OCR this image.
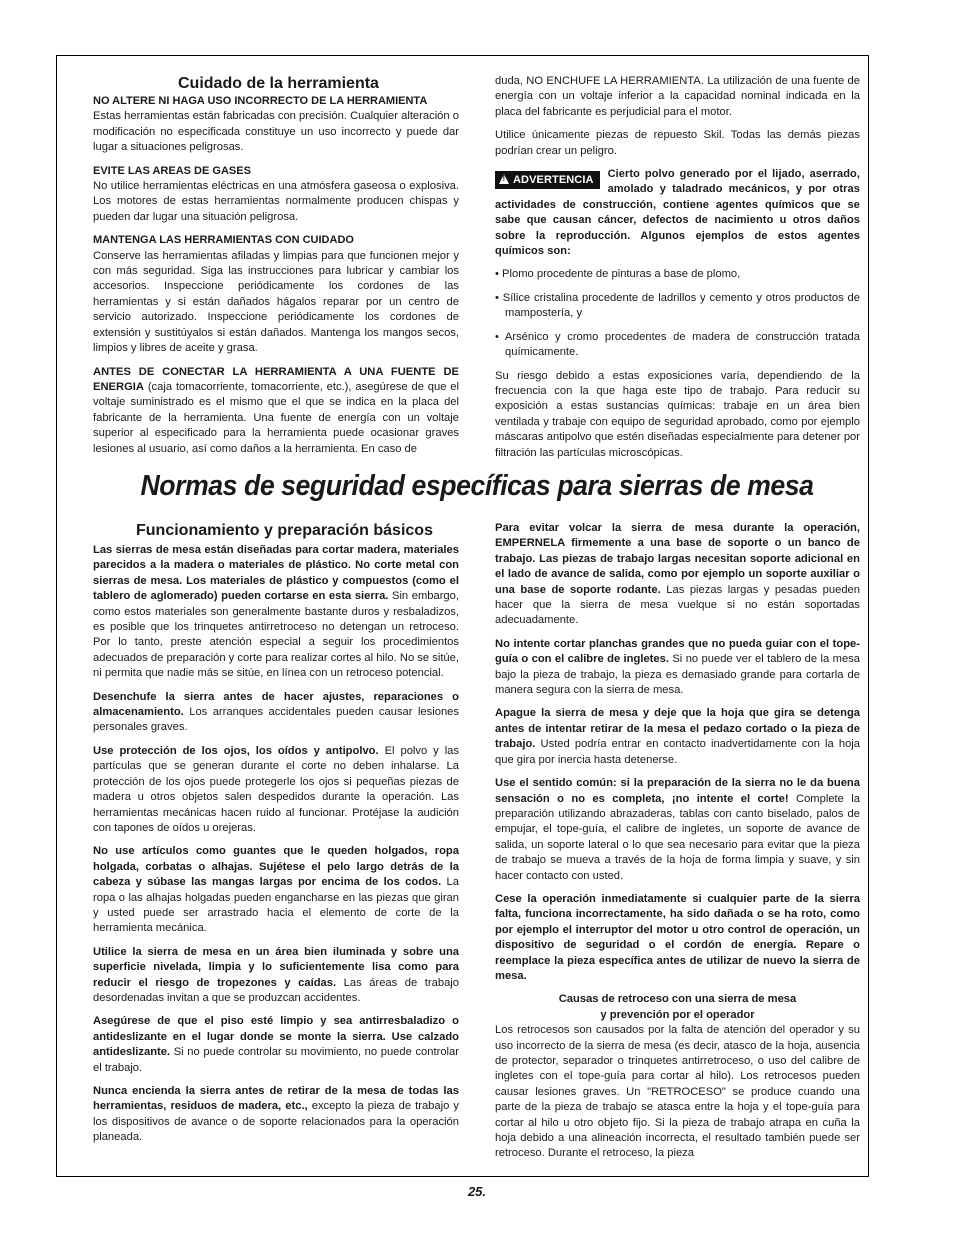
Cuidado de la herramienta

NO ALTERE NI HAGA USO INCORRECTO DE LA HERRAMIENTA

Estas herramientas están fabricadas con precisión. Cualquier alteración o modificación no especificada constituye un uso incorrecto y puede dar lugar a situaciones peligrosas.

EVITE LAS AREAS DE GASES

No utilice herramientas eléctricas en una atmósfera gaseosa o explosiva. Los motores de estas herramientas normalmente producen chispas y pueden dar lugar una situación peligrosa.

MANTENGA LAS HERRAMIENTAS CON CUIDADO

Conserve las herramientas afiladas y limpias para que funcionen mejor y con más seguridad. Siga las instrucciones para lubricar y cambiar los accesorios. Inspeccione periódicamente los cordones de las herramientas y si están dañados hágalos reparar por un centro de servicio autorizado. Inspeccione periódicamente los cordones de extensión y sustitúyalos si están dañados. Mantenga los mangos secos, limpios y libres de aceite y grasa.

ANTES DE CONECTAR LA HERRAMIENTA A UNA FUENTE DE ENERGIA (caja tomacorriente, tomacorriente, etc.), asegúrese de que el voltaje suministrado es el mismo que el que se indica en la placa del fabricante de la herramienta. Una fuente de energía con un voltaje superior al especificado para la herramienta puede ocasionar graves lesiones al usuario, así como daños a la herramienta. En caso de

duda, NO ENCHUFE LA HERRAMIENTA. La utilización de una fuente de energía con un voltaje inferior a la capacidad nominal indicada en la placa del fabricante es perjudicial para el motor.

Utilice únicamente piezas de repuesto Skil. Todas las demás piezas podrían crear un peligro.

!ADVERTENCIA	Cierto polvo generado por el lijado, aserrado, amolado y taladrado mecánicos, y por otras actividades de construcción, contiene agentes químicos que se sabe que causan cáncer, defectos de nacimiento u otros daños sobre la reproducción. Algunos ejemplos de estos agentes químicos son:

• Plomo procedente de pinturas a base de plomo,

• Sílice cristalina procedente de ladrillos y cemento y otros productos de mampostería, y

• Arsénico y cromo procedentes de madera de construcción tratada químicamente.

Su riesgo debido a estas exposiciones varía, dependiendo de la frecuencia con la que haga este tipo de trabajo. Para reducir su exposición a estas sustancias químicas: trabaje en un área bien ventilada y trabaje con equipo de seguridad aprobado, como por ejemplo máscaras antipolvo que estén diseñadas especialmente para detener por filtración las partículas microscópicas.

Normas de seguridad específicas para sierras de mesa
Funcionamiento y preparación básicos

Las sierras de mesa están diseñadas para cortar madera, materiales parecidos a la madera o materiales de plástico. No corte metal con sierras de mesa. Los materiales de plástico y compuestos (como el tablero de aglomerado) pueden cortarse en esta sierra. Sin embargo, como estos materiales son generalmente bastante duros y resbaladizos, es posible que los trinquetes antirretroceso no detengan un retroceso. Por lo tanto, preste atención especial a seguir los procedimientos adecuados de preparación y corte para realizar cortes al hilo. No se sitúe, ni permita que nadie más se sitúe, en línea con un retroceso potencial.

Desenchufe la sierra antes de hacer ajustes, reparaciones o almacenamiento. Los arranques accidentales pueden causar lesiones personales graves.

Use protección de los ojos, los oídos y antipolvo. El polvo y las partículas que se generan durante el corte no deben inhalarse. La protección de los ojos puede protegerle los ojos si pequeñas piezas de madera u otros objetos salen despedidos durante la operación. Las herramientas mecánicas hacen ruido al funcionar. Protéjase la audición con tapones de oídos u orejeras.

No use artículos como guantes que le queden holgados, ropa holgada, corbatas o alhajas. Sujétese el pelo largo detrás de la cabeza y súbase las mangas largas por encima de los codos. La ropa o las alhajas holgadas pueden engancharse en las piezas que giran y usted puede ser arrastrado hacia el elemento de corte de la herramienta mecánica.

Utilice la sierra de mesa en un área bien iluminada y sobre una superficie nivelada, limpia y lo suficientemente lisa como para reducir el riesgo de tropezones y caídas. Las áreas de trabajo desordenadas invitan a que se produzcan accidentes.

Asegúrese de que el piso esté limpio y sea antirresbaladizo o antideslizante en el lugar donde se monte la sierra. Use calzado antideslizante. Si no puede controlar su movimiento, no puede controlar el trabajo.

Nunca encienda la sierra antes de retirar de la mesa de todas las herramientas, residuos de madera, etc., excepto la pieza de trabajo y los dispositivos de avance o de soporte relacionados para la operación planeada.

Para evitar volcar la sierra de mesa durante la operación, EMPERNELA firmemente a una base de soporte o un banco de trabajo. Las piezas de trabajo largas necesitan soporte adicional en el lado de avance de salida, como por ejemplo un soporte auxiliar o una base de soporte rodante. Las piezas largas y pesadas pueden hacer que la sierra de mesa vuelque si no están soportadas adecuadamente.

No intente cortar planchas grandes que no pueda guiar con el tope-guía o con el calibre de ingletes. Si no puede ver el tablero de la mesa bajo la pieza de trabajo, la pieza es demasiado grande para cortarla de manera segura con la sierra de mesa.

Apague la sierra de mesa y deje que la hoja que gira se detenga antes de intentar retirar de la mesa el pedazo cortado o la pieza de trabajo. Usted podría entrar en contacto inadvertidamente con la hoja que gira por inercia hasta detenerse.

Use el sentido común: si la preparación de la sierra no le da buena sensación o no es completa, ¡no intente el corte! Complete la preparación utilizando abrazaderas, tablas con canto biselado, palos de empujar, el tope-guía, el calibre de ingletes, un soporte de avance de salida, un soporte lateral o lo que sea necesario para evitar que la pieza de trabajo se mueva a través de la hoja de forma limpia y suave, y sin hacer contacto con usted.

Cese la operación inmediatamente si cualquier parte de la sierra falta, funciona incorrectamente, ha sido dañada o se ha roto, como por ejemplo el interruptor del motor u otro control de operación, un dispositivo de seguridad o el cordón de energía. Repare o reemplace la pieza específica antes de utilizar de nuevo la sierra de mesa.

Causas de retroceso con una sierra de mesa

y prevención por el operador

Los retrocesos son causados por la falta de atención del operador y su uso incorrecto de la sierra de mesa (es decir, atasco de la hoja, ausencia de protector, separador o trinquetes antirretroceso, o uso del calibre de ingletes con el tope-guía para cortar al hilo). Los retrocesos pueden causar lesiones graves. Un "RETROCESO" se produce cuando una parte de la pieza de trabajo se atasca entre la hoja y el tope-guía para cortar al hilo u otro objeto fijo. Si la pieza de trabajo atrapa en cuña la hoja debido a una alineación incorrecta, el resultado también puede ser retroceso. Durante el retroceso, la pieza

25.
